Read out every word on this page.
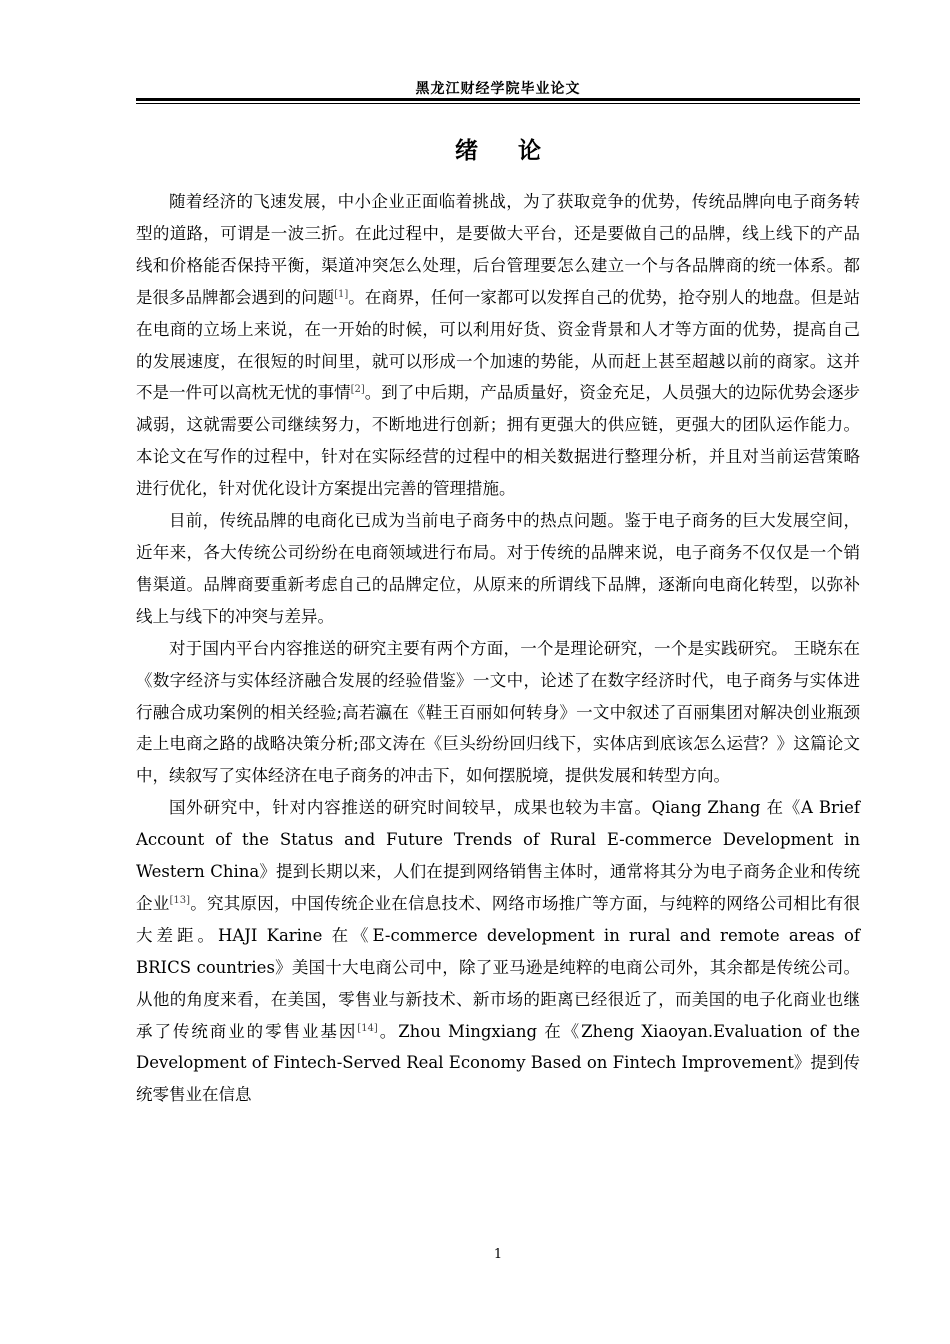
黑龙江财经学院毕业论文
绪论

随着经济的飞速发展，中小企业正面临着挑战，为了获取竞争的优势，传统品牌向电子商务转型的道路，可谓是一波三折。在此过程中，是要做大平台，还是要做自己的品牌，线上线下的产品线和价格能否保持平衡，渠道冲突怎么处理，后台管理要怎么建立一个与各品牌商的统一体系。都是很多品牌都会遇到的问题[1]。在商界，任何一家都可以发挥自己的优势，抢夺别人的地盘。但是站在电商的立场上来说，在一开始的时候，可以利用好货、资金背景和人才等方面的优势，提高自己的发展速度，在很短的时间里，就可以形成一个加速的势能，从而赶上甚至超越以前的商家。这并不是一件可以高枕无忧的事情[2]。到了中后期，产品质量好，资金充足，人员强大的边际优势会逐步减弱，这就需要公司继续努力，不断地进行创新；拥有更强大的供应链，更强大的团队运作能力。本论文在写作的过程中，针对在实际经营的过程中的相关数据进行整理分析，并且对当前运营策略进行优化，针对优化设计方案提出完善的管理措施。

目前，传统品牌的电商化已成为当前电子商务中的热点问题。鉴于电子商务的巨大发展空间，近年来，各大传统公司纷纷在电商领域进行布局。对于传统的品牌来说，电子商务不仅仅是一个销售渠道。品牌商要重新考虑自己的品牌定位，从原来的所谓线下品牌，逐渐向电商化转型，以弥补线上与线下的冲突与差异。

对于国内平台内容推送的研究主要有两个方面，一个是理论研究，一个是实践研究。 王晓东在《数字经济与实体经济融合发展的经验借鉴》一文中，论述了在数字经济时代，电子商务与实体进行融合成功案例的相关经验;高若瀛在《鞋王百丽如何转身》一文中叙述了百丽集团对解决创业瓶颈走上电商之路的战略决策分析;邵文涛在《巨头纷纷回归线下，实体店到底该怎么运营？》这篇论文中，续叙写了实体经济在电子商务的冲击下，如何摆脱境，提供发展和转型方向。

国外研究中，针对内容推送的研究时间较早，成果也较为丰富。Qiang Zhang 在《A Brief Account of the Status and Future Trends of Rural E-commerce Development in Western China》提到长期以来，人们在提到网络销售主体时，通常将其分为电子商务企业和传统企业[13]。究其原因，中国传统企业在信息技术、网络市场推广等方面，与纯粹的网络公司相比有很大差距。HAJI Karine 在《E-commerce development in rural and remote areas of BRICS countries》美国十大电商公司中，除了亚马逊是纯粹的电商公司外，其余都是传统公司。从他的角度来看，在美国，零售业与新技术、新市场的距离已经很近了，而美国的电子化商业也继承了传统商业的零售业基因[14]。Zhou Mingxiang 在《Zheng Xiaoyan.Evaluation of the Development of Fintech-Served Real Economy Based on Fintech Improvement》提到传统零售业在信息

1
